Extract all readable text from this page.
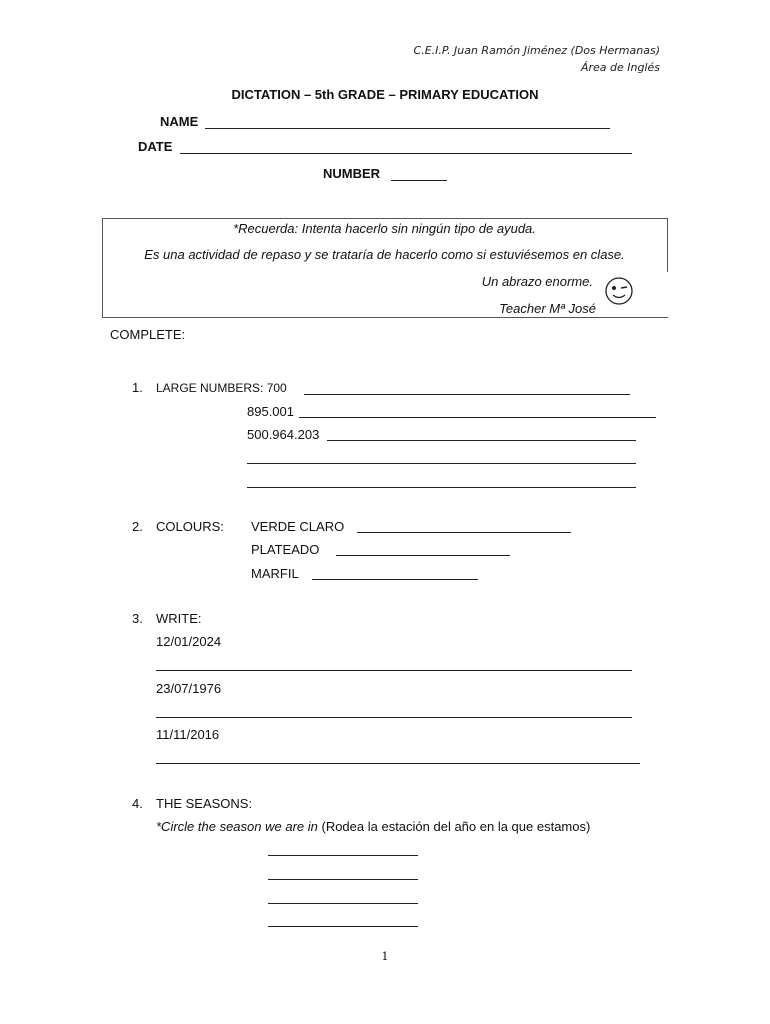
C.E.I.P. Juan Ramón Jiménez (Dos Hermanas)
Área de Inglés
DICTATION – 5th GRADE – PRIMARY EDUCATION
NAME
DATE
NUMBER
*Recuerda: Intenta hacerlo sin ningún tipo de ayuda.
Es una actividad de repaso y se trataría de hacerlo como si estuviésemos en clase.
Un abrazo enorme.
Teacher Mª José
COMPLETE:
1. LARGE NUMBERS: 700
895.001
500.964.203
2. COLOURS: VERDE CLARO
PLATEADO
MARFIL
3. WRITE:
12/01/2024
23/07/1976
11/11/2016
4. THE SEASONS:
*Circle the season we are in (Rodea la estación del año en la que estamos)
1
